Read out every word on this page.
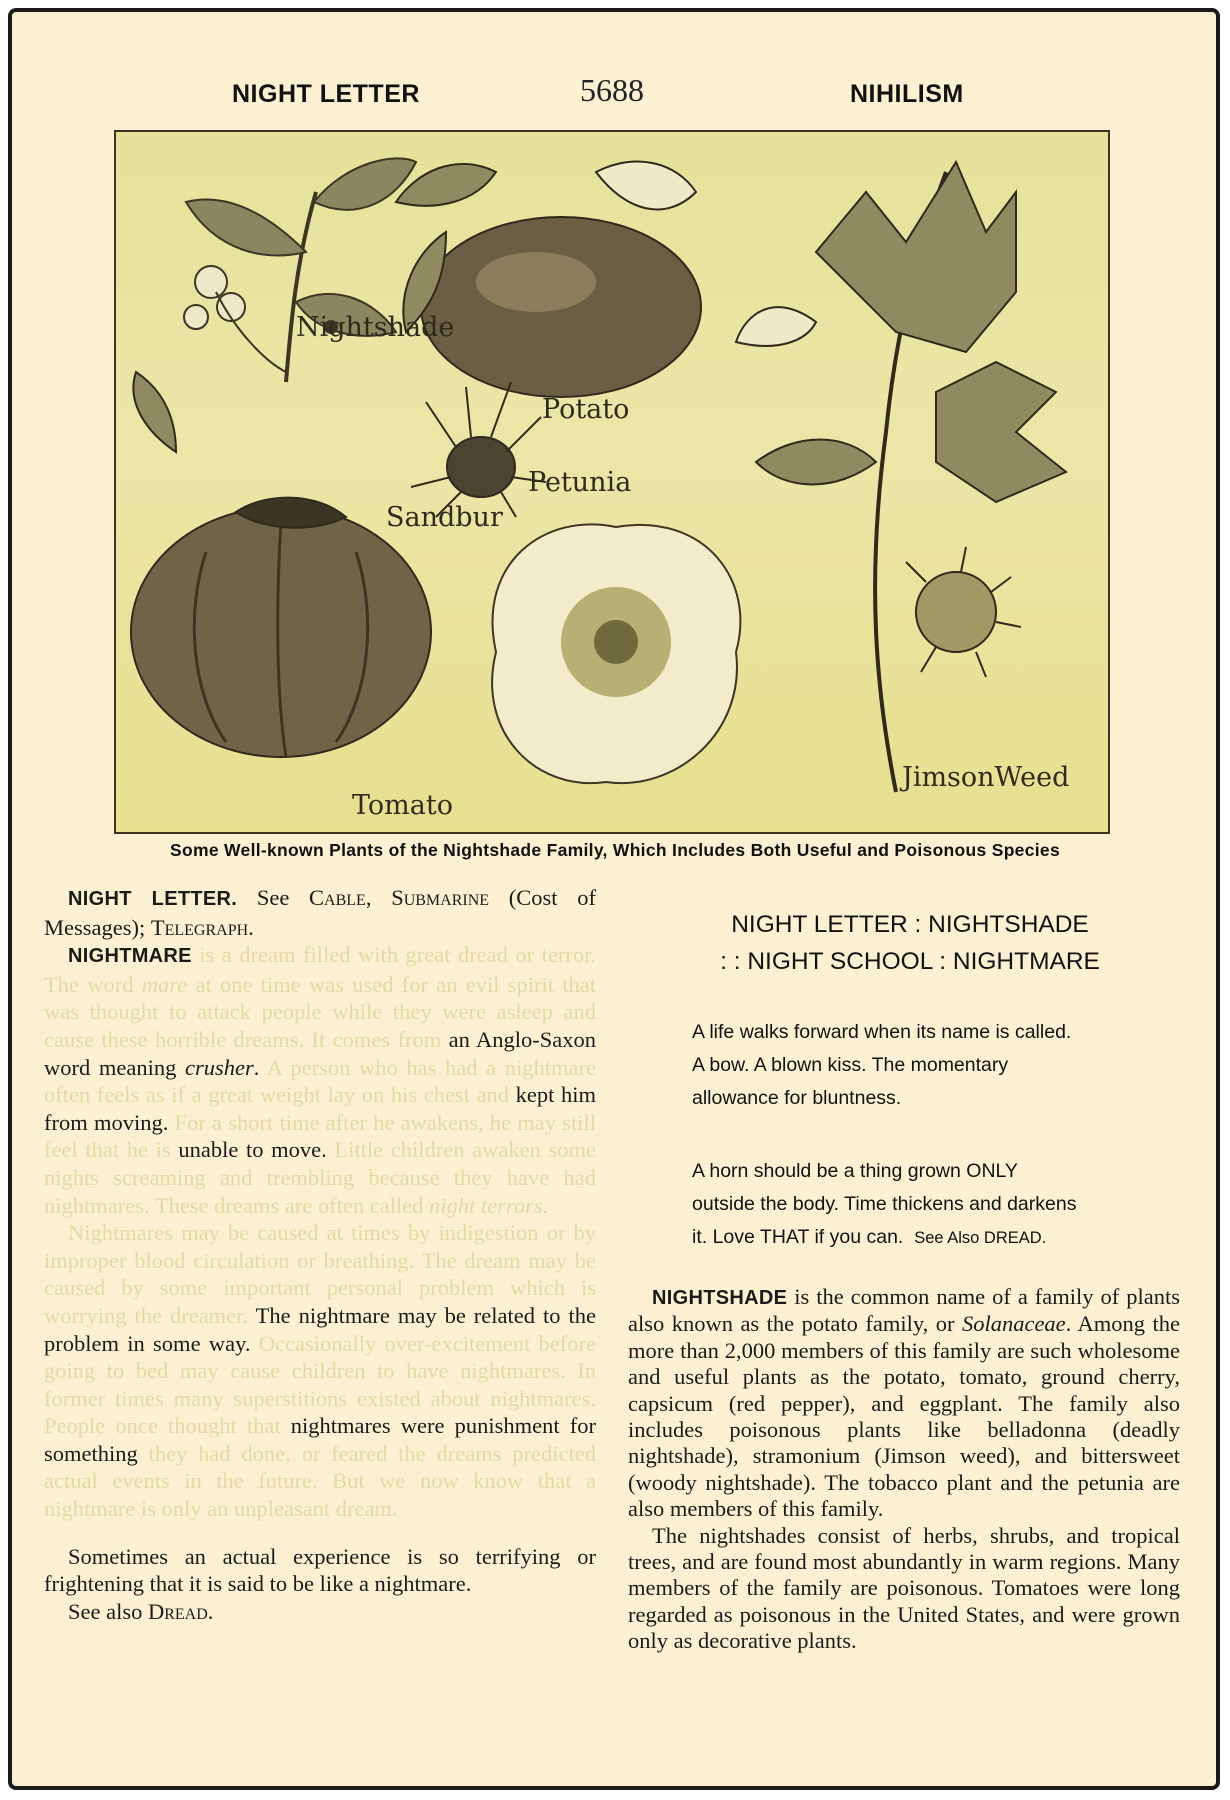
NIGHT LETTER	5688	NIHILISM
Nightshade
Potato
Petunia
Sandbur
Tomato
JimsonWeed
Some Well-known Plants of the Nightshade Family, Which Includes Both Useful and Poisonous Species

NIGHT LETTER. See Cable, Submarine (Cost of Messages); Telegraph.

NIGHTMARE is a dream filled with great dread or terror. The word mare at one time was used for an evil spirit that was thought to attack people while they were asleep and cause these horrible dreams. It comes from an Anglo-Saxon word meaning crusher. A person who has had a nightmare often feels as if a great weight lay on his chest and kept him from moving. For a short time after he awakens, he may still feel that he is unable to move. Little children awaken some nights screaming and trembling because they have had nightmares. These dreams are often called night terrors.

Nightmares may be caused at times by indigestion or by improper blood circulation or breathing. The dream may be caused by some important personal problem which is worrying the dreamer. The nightmare may be related to the problem in some way. Occasionally over-excitement before going to bed may cause children to have nightmares. In former times many superstitions existed about nightmares. People once thought that nightmares were punishment for something they had done, or feared the dreams predicted actual events in the future. But we now know that a nightmare is only an unpleasant dream.

Sometimes an actual experience is so terrifying or frightening that it is said to be like a nightmare.

See also Dread.

NIGHT LETTER : NIGHTSHADE
: : NIGHT SCHOOL : NIGHTMARE
A life walks forward when its name is called.
A bow. A blown kiss. The momentary
allowance for bluntness.
A horn should be a thing grown ONLY
outside the body. Time thickens and darkens
it. Love THAT if you can. See Also DREAD.

NIGHTSHADE is the common name of a family of plants also known as the potato family, or Solanaceae. Among the more than 2,000 members of this family are such wholesome and useful plants as the potato, tomato, ground cherry, capsicum (red pepper), and eggplant. The family also includes poisonous plants like belladonna (deadly nightshade), stramonium (Jimson weed), and bittersweet (woody nightshade). The tobacco plant and the petunia are also members of this family.

The nightshades consist of herbs, shrubs, and tropical trees, and are found most abundantly in warm regions. Many members of the family are poisonous. Tomatoes were long regarded as poisonous in the United States, and were grown only as decorative plants.
